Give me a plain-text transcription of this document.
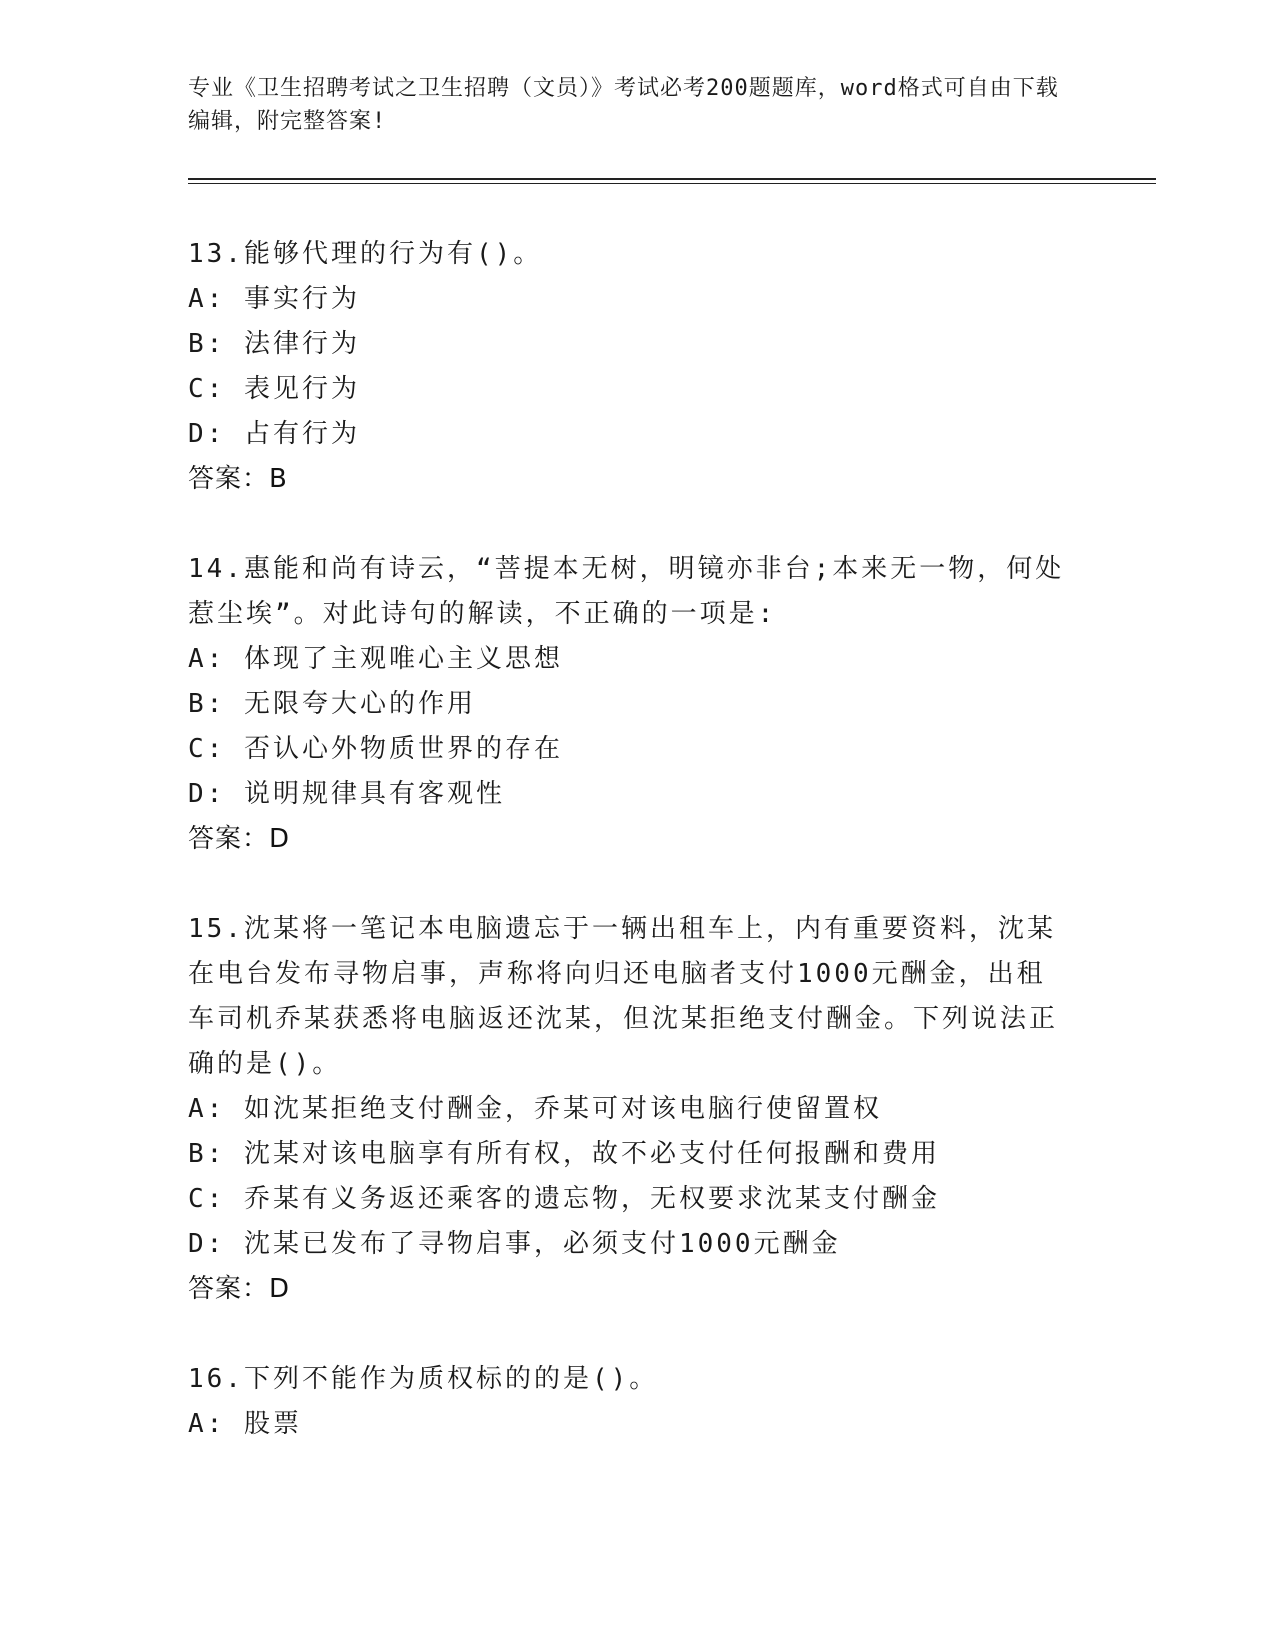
专业《卫生招聘考试之卫生招聘（文员）》考试必考200题题库，word格式可自由下载编辑，附完整答案!
13.能够代理的行为有()。
A: 事实行为
B: 法律行为
C: 表见行为
D: 占有行为
答案：B
14.惠能和尚有诗云，“菩提本无树，明镜亦非台;本来无一物，何处惹尘埃”。对此诗句的解读，不正确的一项是:
A: 体现了主观唯心主义思想
B: 无限夸大心的作用
C: 否认心外物质世界的存在
D: 说明规律具有客观性
答案：D
15.沈某将一笔记本电脑遗忘于一辆出租车上，内有重要资料，沈某在电台发布寻物启事，声称将向归还电脑者支付1000元酬金，出租车司机乔某获悉将电脑返还沈某，但沈某拒绝支付酬金。下列说法正确的是()。
A: 如沈某拒绝支付酬金，乔某可对该电脑行使留置权
B: 沈某对该电脑享有所有权，故不必支付任何报酬和费用
C: 乔某有义务返还乘客的遗忘物，无权要求沈某支付酬金
D: 沈某已发布了寻物启事，必须支付1000元酬金
答案：D
16.下列不能作为质权标的的是()。
A: 股票
